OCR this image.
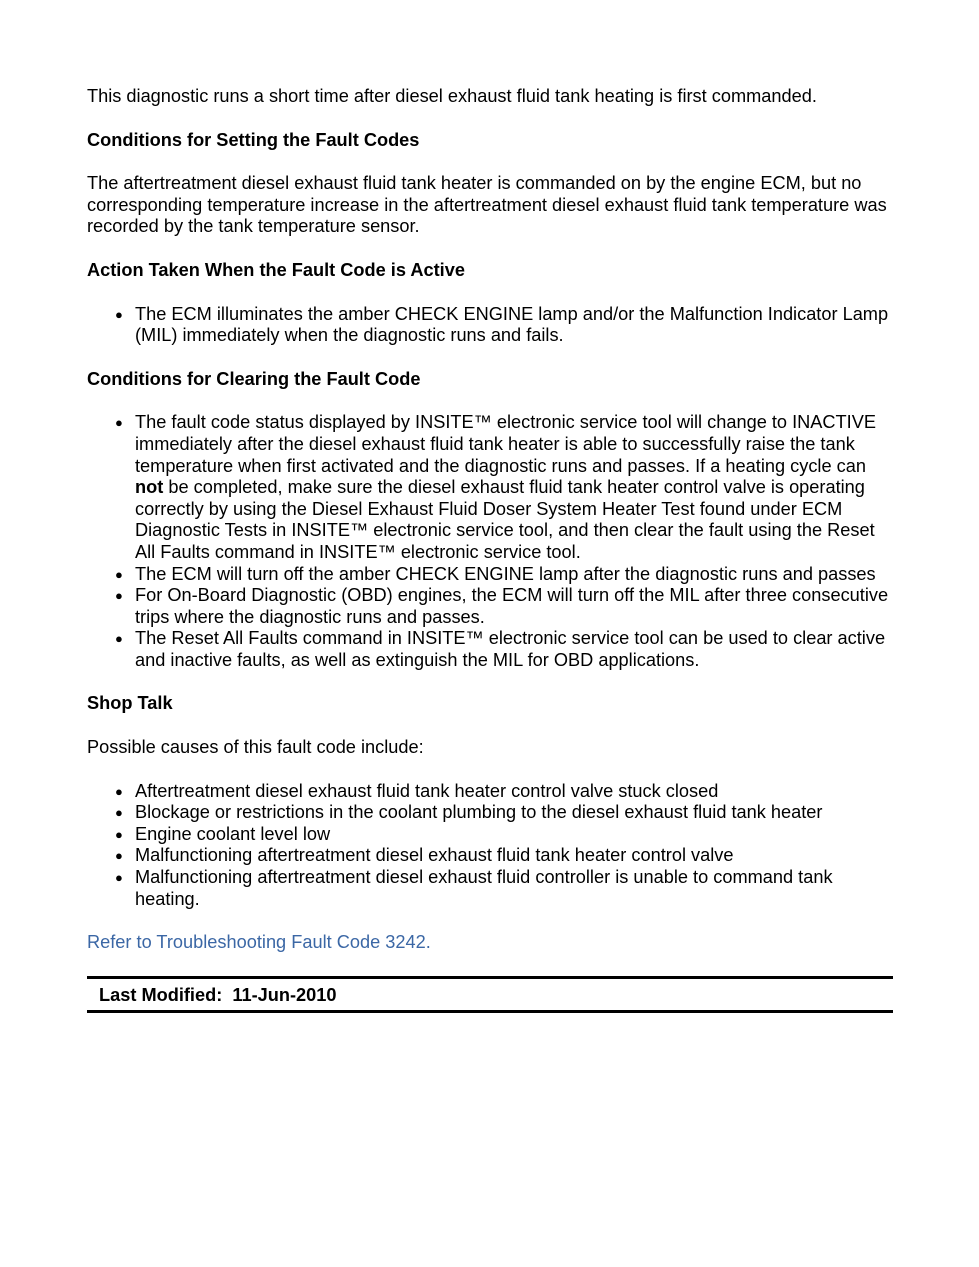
This diagnostic runs a short time after diesel exhaust fluid tank heating is first commanded.

Conditions for Setting the Fault Codes

The aftertreatment diesel exhaust fluid tank heater is commanded on by the engine ECM, but no corresponding temperature increase in the aftertreatment diesel exhaust fluid tank temperature was recorded by the tank temperature sensor.

Action Taken When the Fault Code is Active
● The ECM illuminates the amber CHECK ENGINE lamp and/or the Malfunction Indicator Lamp (MIL) immediately when the diagnostic runs and fails.
Conditions for Clearing the Fault Code
● The fault code status displayed by INSITE™ electronic service tool will change to INACTIVE immediately after the diesel exhaust fluid tank heater is able to successfully raise the tank temperature when first activated and the diagnostic runs and passes. If a heating cycle can not be completed, make sure the diesel exhaust fluid tank heater control valve is operating correctly by using the Diesel Exhaust Fluid Doser System Heater Test found under ECM Diagnostic Tests in INSITE™ electronic service tool, and then clear the fault using the Reset All Faults command in INSITE™ electronic service tool.
● The ECM will turn off the amber CHECK ENGINE lamp after the diagnostic runs and passes
● For On-Board Diagnostic (OBD) engines, the ECM will turn off the MIL after three consecutive trips where the diagnostic runs and passes.
● The Reset All Faults command in INSITE™ electronic service tool can be used to clear active and inactive faults, as well as extinguish the MIL for OBD applications.
Shop Talk

Possible causes of this fault code include:

● Aftertreatment diesel exhaust fluid tank heater control valve stuck closed
● Blockage or restrictions in the coolant plumbing to the diesel exhaust fluid tank heater
● Engine coolant level low
● Malfunctioning aftertreatment diesel exhaust fluid tank heater control valve
● Malfunctioning aftertreatment diesel exhaust fluid controller is unable to command tank heating.

Refer to Troubleshooting Fault Code 3242.

Last Modified: 11-Jun-2010
